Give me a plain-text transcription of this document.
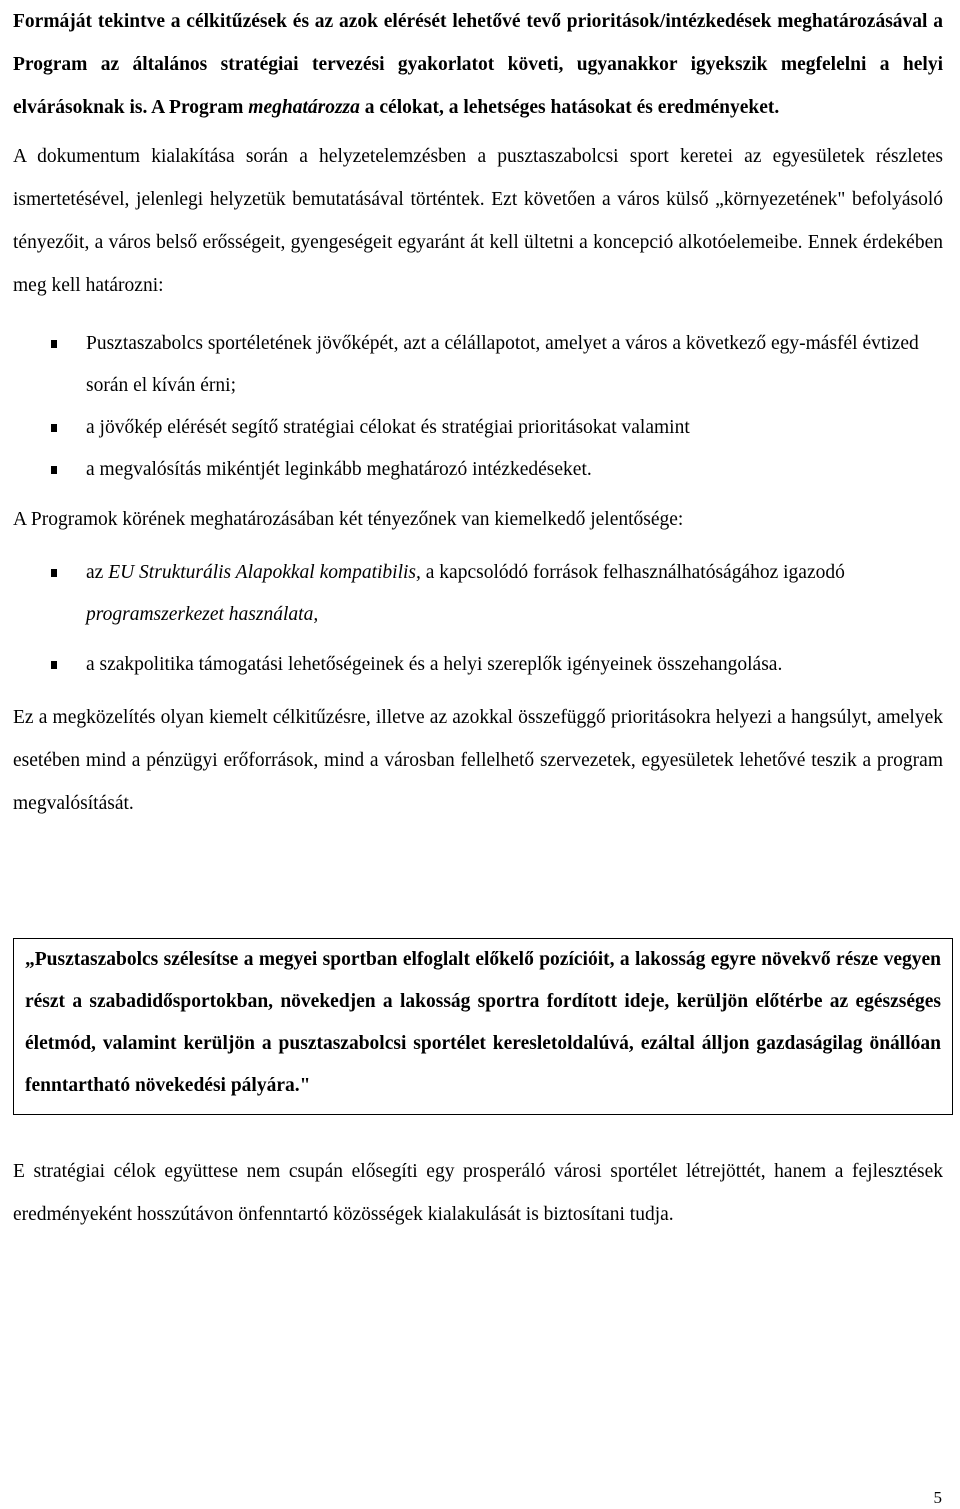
Formáját tekintve a célkitűzések és az azok elérését lehetővé tevő prioritások/intézkedések meghatározásával a Program az általános stratégiai tervezési gyakorlatot követi, ugyanakkor igyekszik megfelelni a helyi elvárásoknak is. A Program meghatározza a célokat, a lehetséges hatásokat és eredményeket.

A dokumentum kialakítása során a helyzetelemzésben a pusztaszabolcsi sport keretei az egyesületek részletes ismertetésével, jelenlegi helyzetük bemutatásával történtek. Ezt követően a város külső „környezetének" befolyásoló tényezőit, a város belső erősségeit, gyengeségeit egyaránt át kell ültetni a koncepció alkotóelemeibe. Ennek érdekében meg kell határozni:

Pusztaszabolcs sportéletének jövőképét, azt a célállapotot, amelyet a város a következő egy-másfél évtized során el kíván érni;
a jövőkép elérését segítő stratégiai célokat és stratégiai prioritásokat valamint
a megvalósítás mikéntjét leginkább meghatározó intézkedéseket.

A Programok körének meghatározásában két tényezőnek van kiemelkedő jelentősége:

az EU Strukturális Alapokkal kompatibilis, a kapcsolódó források felhasználhatóságához igazodó programszerkezet használata,
a szakpolitika támogatási lehetőségeinek és a helyi szereplők igényeinek összehangolása.

Ez a megközelítés olyan kiemelt célkitűzésre, illetve az azokkal összefüggő prioritásokra helyezi a hangsúlyt, amelyek esetében mind a pénzügyi erőforrások, mind a városban fellelhető szervezetek, egyesületek lehetővé teszik a program megvalósítását.

„Pusztaszabolcs szélesítse a megyei sportban elfoglalt előkelő pozícióit, a lakosság egyre növekvő része vegyen részt a szabadidősportokban, növekedjen a lakosság sportra fordított ideje, kerüljön előtérbe az egészséges életmód, valamint kerüljön a pusztaszabolcsi sportélet keresletoldalúvá, ezáltal álljon gazdaságilag önállóan fenntartható növekedési pályára."

E stratégiai célok együttese nem csupán elősegíti egy prosperáló városi sportélet létrejöttét, hanem a fejlesztések eredményeként hosszútávon önfenntartó közösségek kialakulását is biztosítani tudja.

5
